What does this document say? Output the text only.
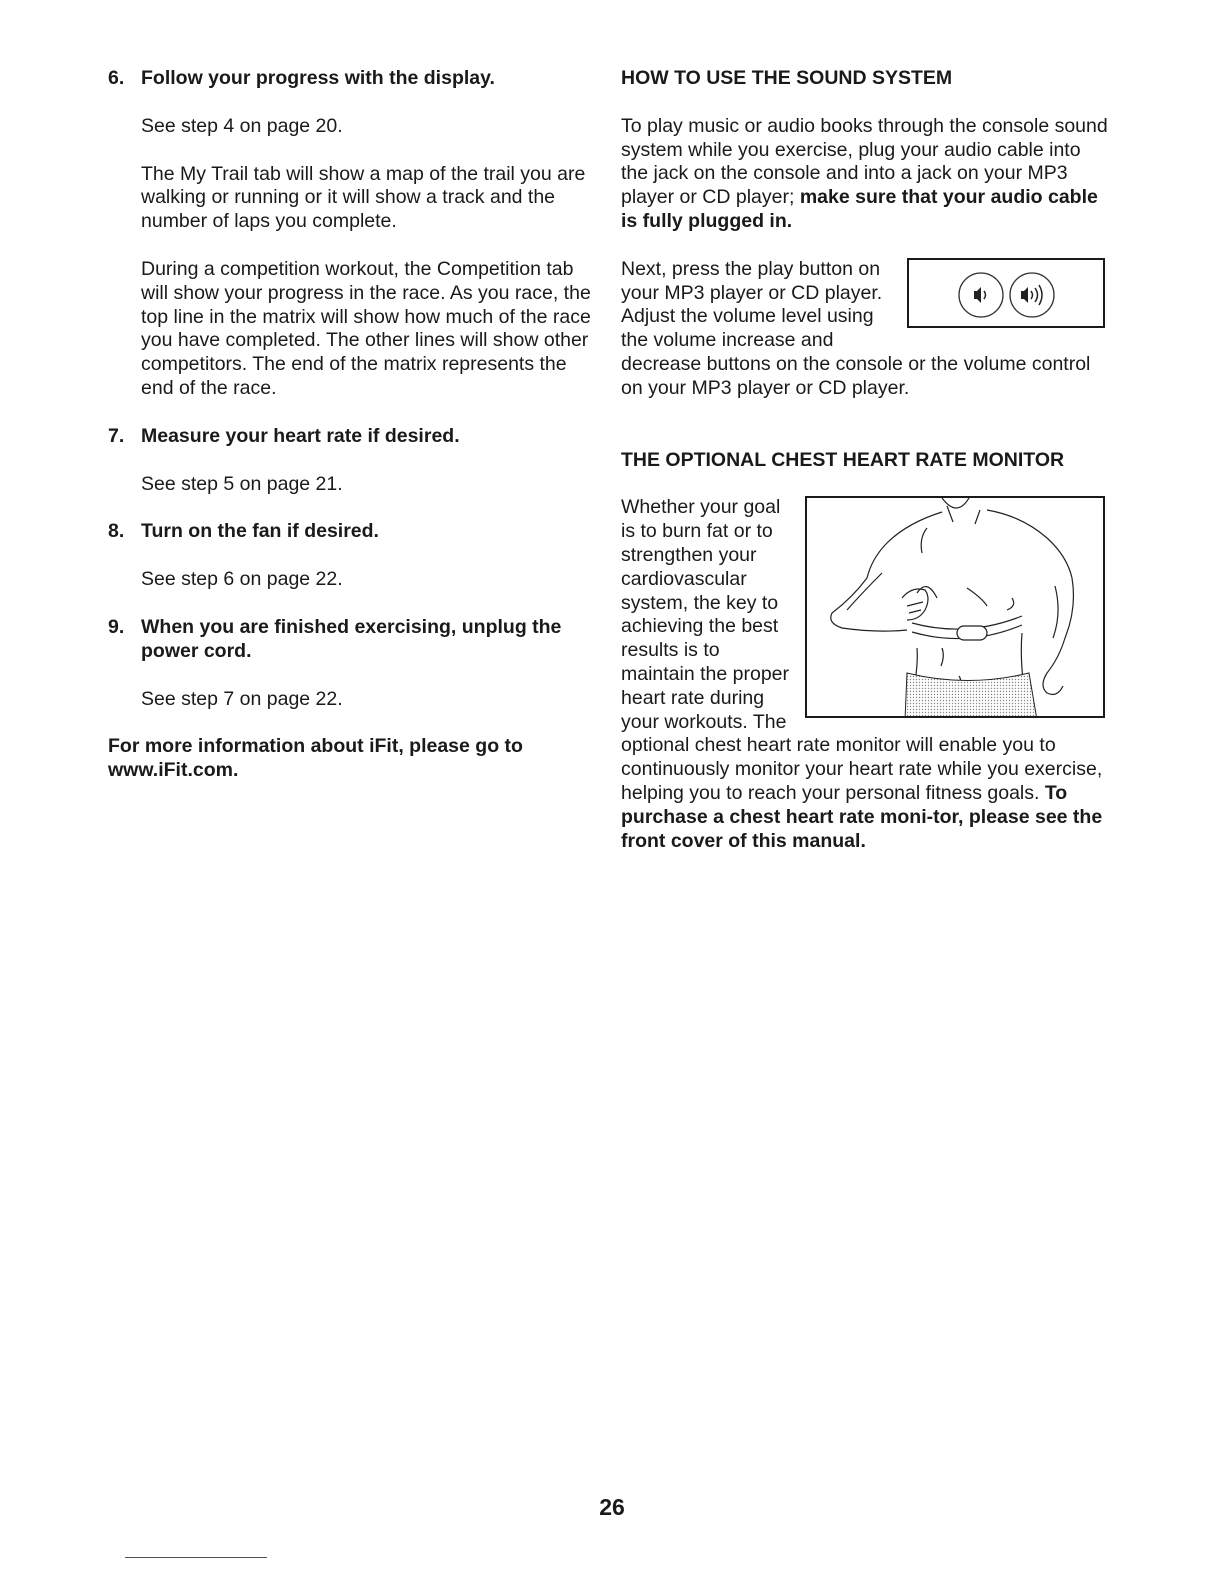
6. Follow your progress with the display.

See step 4 on page 20.

The My Trail tab will show a map of the trail you are walking or running or it will show a track and the number of laps you complete.

During a competition workout, the Competition tab will show your progress in the race. As you race, the top line in the matrix will show how much of the race you have completed. The other lines will show other competitors. The end of the matrix represents the end of the race.

7. Measure your heart rate if desired.

See step 5 on page 21.

8. Turn on the fan if desired.

See step 6 on page 22.

9. When you are finished exercising, unplug the power cord.

See step 7 on page 22.

For more information about iFit, please go to www.iFit.com.

HOW TO USE THE SOUND SYSTEM

To play music or audio books through the console sound system while you exercise, plug your audio cable into the jack on the console and into a jack on your MP3 player or CD player; make sure that your audio cable is fully plugged in.

Next, press the play button on your MP3 player or CD player. Adjust the volume level using the volume increase and decrease buttons on the console or the volume control on your MP3 player or CD player.

THE OPTIONAL CHEST HEART RATE MONITOR

Whether your goal is to burn fat or to strengthen your cardiovascular system, the key to achieving the best results is to maintain the proper heart rate during your workouts. The optional chest heart rate monitor will enable you to continuously monitor your heart rate while you exercise, helping you to reach your personal fitness goals. To purchase a chest heart rate moni-tor, please see the front cover of this manual.

26
